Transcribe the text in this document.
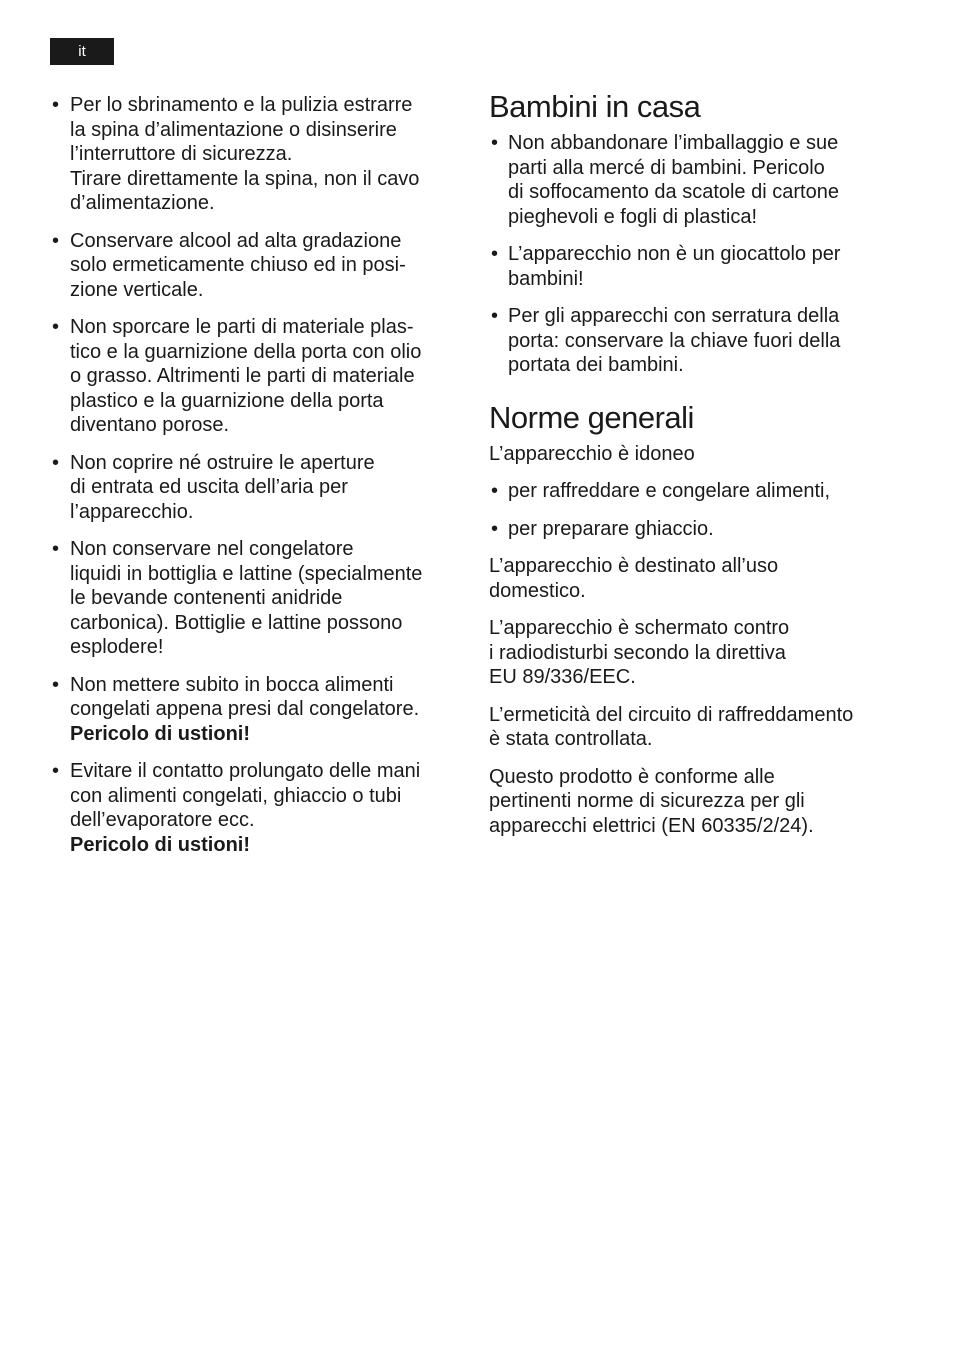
it
• Per lo sbrinamento e la pulizia estrarre
la spina d’alimentazione o disinserire
l’interruttore di sicurezza.
Tirare direttamente la spina, non il cavo
d’alimentazione.
• Conservare alcool ad alta gradazione
solo ermeticamente chiuso ed in posi-
zione verticale.
• Non sporcare le parti di materiale plas-
tico e la guarnizione della porta con olio
o grasso. Altrimenti le parti di materiale
plastico e la guarnizione della porta
diventano porose.
• Non coprire né ostruire le aperture
di entrata ed uscita dell’aria per
l’apparecchio.
• Non conservare nel congelatore
liquidi in bottiglia e lattine (specialmente
le bevande contenenti anidride
carbonica). Bottiglie e lattine possono
esplodere!
• Non mettere subito in bocca alimenti
congelati appena presi dal congelatore.
Pericolo di ustioni!
• Evitare il contatto prolungato delle mani
con alimenti congelati, ghiaccio o tubi
dell’evaporatore ecc.
Pericolo di ustioni!
Bambini in casa
• Non abbandonare l’imballaggio e sue
parti alla mercé di bambini. Pericolo
di soffocamento da scatole di cartone
pieghevoli e fogli di plastica!
• L’apparecchio non è un giocattolo per
bambini!
• Per gli apparecchi con serratura della
porta: conservare la chiave fuori della
portata dei bambini.
Norme generali

L’apparecchio è idoneo

• per raffreddare e congelare alimenti,
• per preparare ghiaccio.

L’apparecchio è destinato all’uso
domestico.

L’apparecchio è schermato contro
i radiodisturbi secondo la direttiva
EU 89/336/EEC.

L’ermeticità del circuito di raffreddamento
è stata controllata.

Questo prodotto è conforme alle
pertinenti norme di sicurezza per gli
apparecchi elettrici (EN 60335/2/24).
